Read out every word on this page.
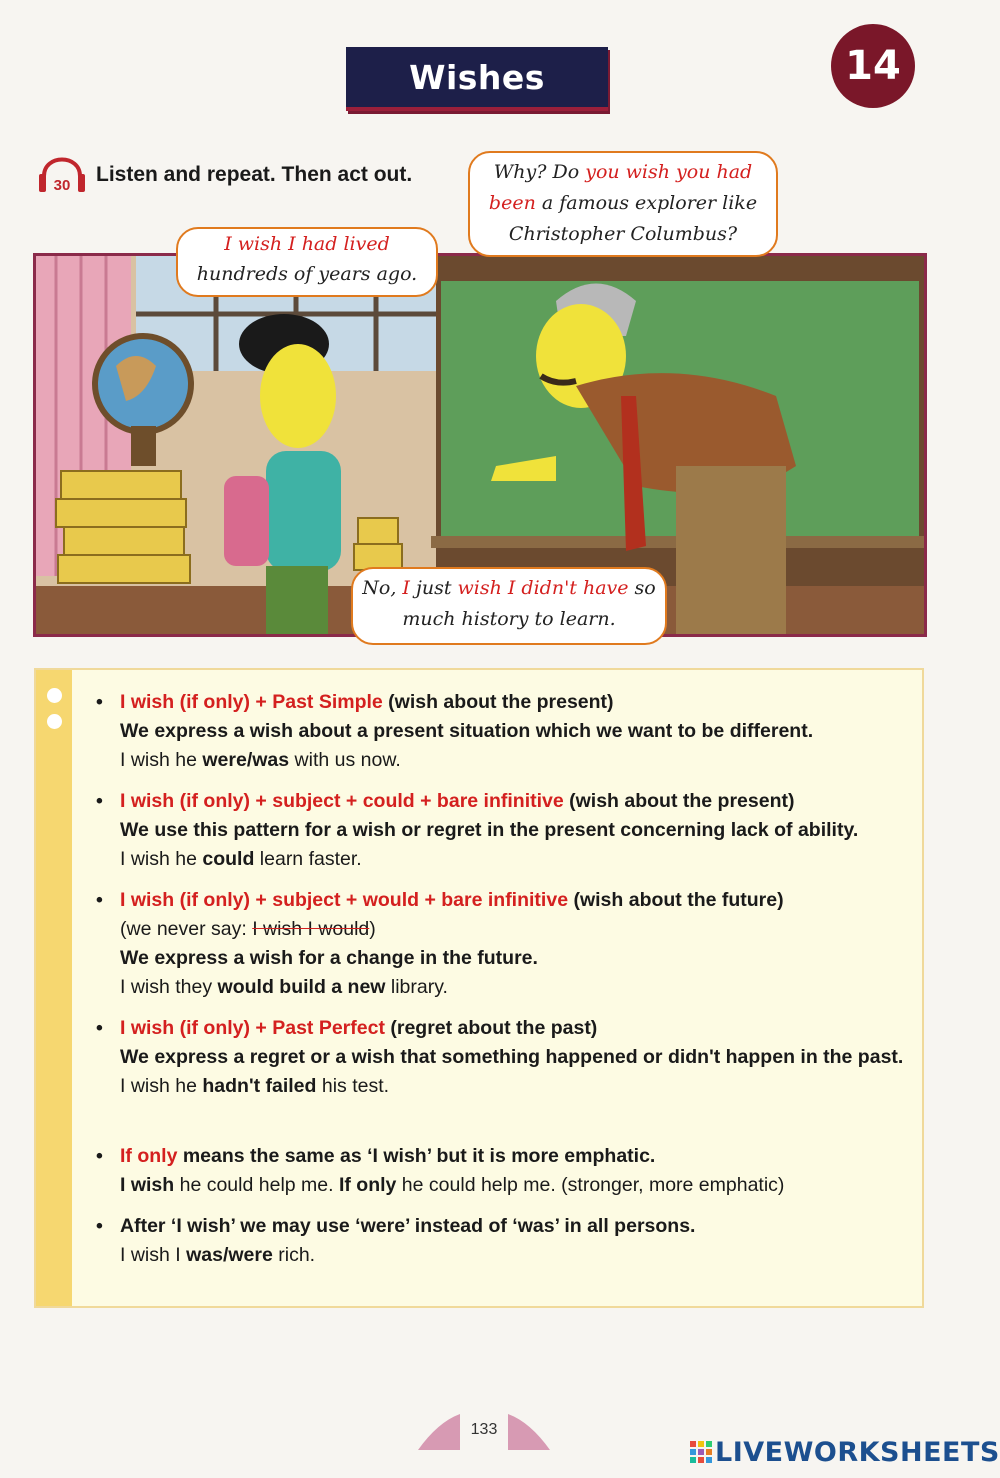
Wishes	14
30 Listen and repeat. Then act out.
I wish I had lived
hundreds of years ago.
Why? Do you wish you had been a famous explorer like Christopher Columbus?
No, I just wish I didn't have so much history to learn.
• I wish (if only) + Past Simple (wish about the present)
We express a wish about a present situation which we want to be different.
I wish he were/was with us now.
• I wish (if only) + subject + could + bare infinitive (wish about the present)
We use this pattern for a wish or regret in the present concerning lack of ability.
I wish he could learn faster.
• I wish (if only) + subject + would + bare infinitive (wish about the future)
(we never say: I wish I would)
We express a wish for a change in the future.
I wish they would build a new library.
• I wish (if only) + Past Perfect (regret about the past)
We express a regret or a wish that something happened or didn't happen in the past.
I wish he hadn't failed his test.
• If only means the same as ‘I wish’ but it is more emphatic.
I wish he could help me. If only he could help me. (stronger, more emphatic)
• After ‘I wish’ we may use ‘were’ instead of ‘was’ in all persons.
I wish I was/were rich.
133
LIVEWORKSHEETS
